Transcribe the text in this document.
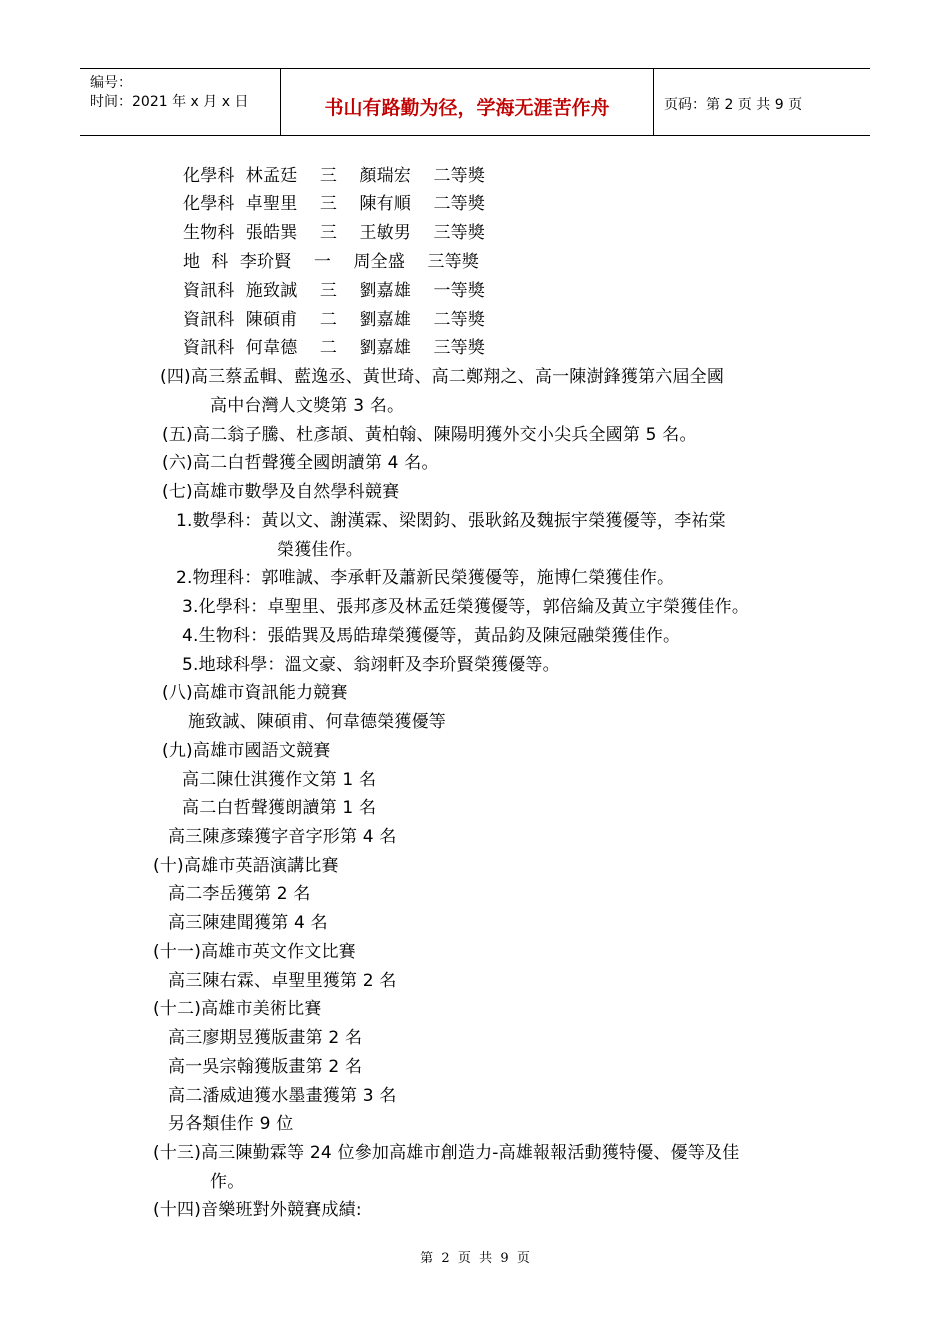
编号：
时间：2021 年 x 月 x 日	书山有路勤为径，学海无涯苦作舟	页码：第 2 页 共 9 页
化學科  林孟廷    三    顏瑞宏    二等獎
化學科  卓聖里    三    陳有順    二等獎
生物科  張皓巽    三    王敏男    三等獎
地  科  李玠賢    一    周全盛    三等獎
資訊科  施致誠    三    劉嘉雄    一等獎
資訊科  陳碩甫    二    劉嘉雄    二等獎
資訊科  何韋德    二    劉嘉雄    三等獎
(四)高三蔡孟輯、藍逸丞、黃世琦、高二鄭翔之、高一陳澍鋒獲第六屆全國
高中台灣人文獎第 3 名。
(五)高二翁子騰、杜彥頡、黃柏翰、陳陽明獲外交小尖兵全國第 5 名。
(六)高二白哲聲獲全國朗讀第 4 名。
(七)高雄市數學及自然學科競賽
1.數學科：黃以文、謝漢霖、梁閎鈞、張耿銘及魏振宇榮獲優等，李祐棠
榮獲佳作。
2.物理科：郭唯誠、李承軒及蕭新民榮獲優等，施博仁榮獲佳作。
3.化學科：卓聖里、張邦彥及林孟廷榮獲優等，郭倍綸及黃立宇榮獲佳作。
4.生物科：張皓巽及馬皓瑋榮獲優等，黃品鈞及陳冠融榮獲佳作。
5.地球科學：溫文豪、翁翊軒及李玠賢榮獲優等。
(八)高雄市資訊能力競賽
施致誠、陳碩甫、何韋德榮獲優等
(九)高雄市國語文競賽
高二陳仕淇獲作文第 1 名
高二白哲聲獲朗讀第 1 名
高三陳彥臻獲字音字形第 4 名
(十)高雄市英語演講比賽
高二李岳獲第 2 名
高三陳建聞獲第 4 名
(十一)高雄市英文作文比賽
高三陳右霖、卓聖里獲第 2 名
(十二)高雄市美術比賽
高三廖期昱獲版畫第 2 名
高一吳宗翰獲版畫第 2 名
高二潘威迪獲水墨畫獲第 3 名
另各類佳作 9 位
(十三)高三陳勤霖等 24 位參加高雄市創造力-高雄報報活動獲特優、優等及佳
作。
(十四)音樂班對外競賽成績:
第  2  页  共  9  页
